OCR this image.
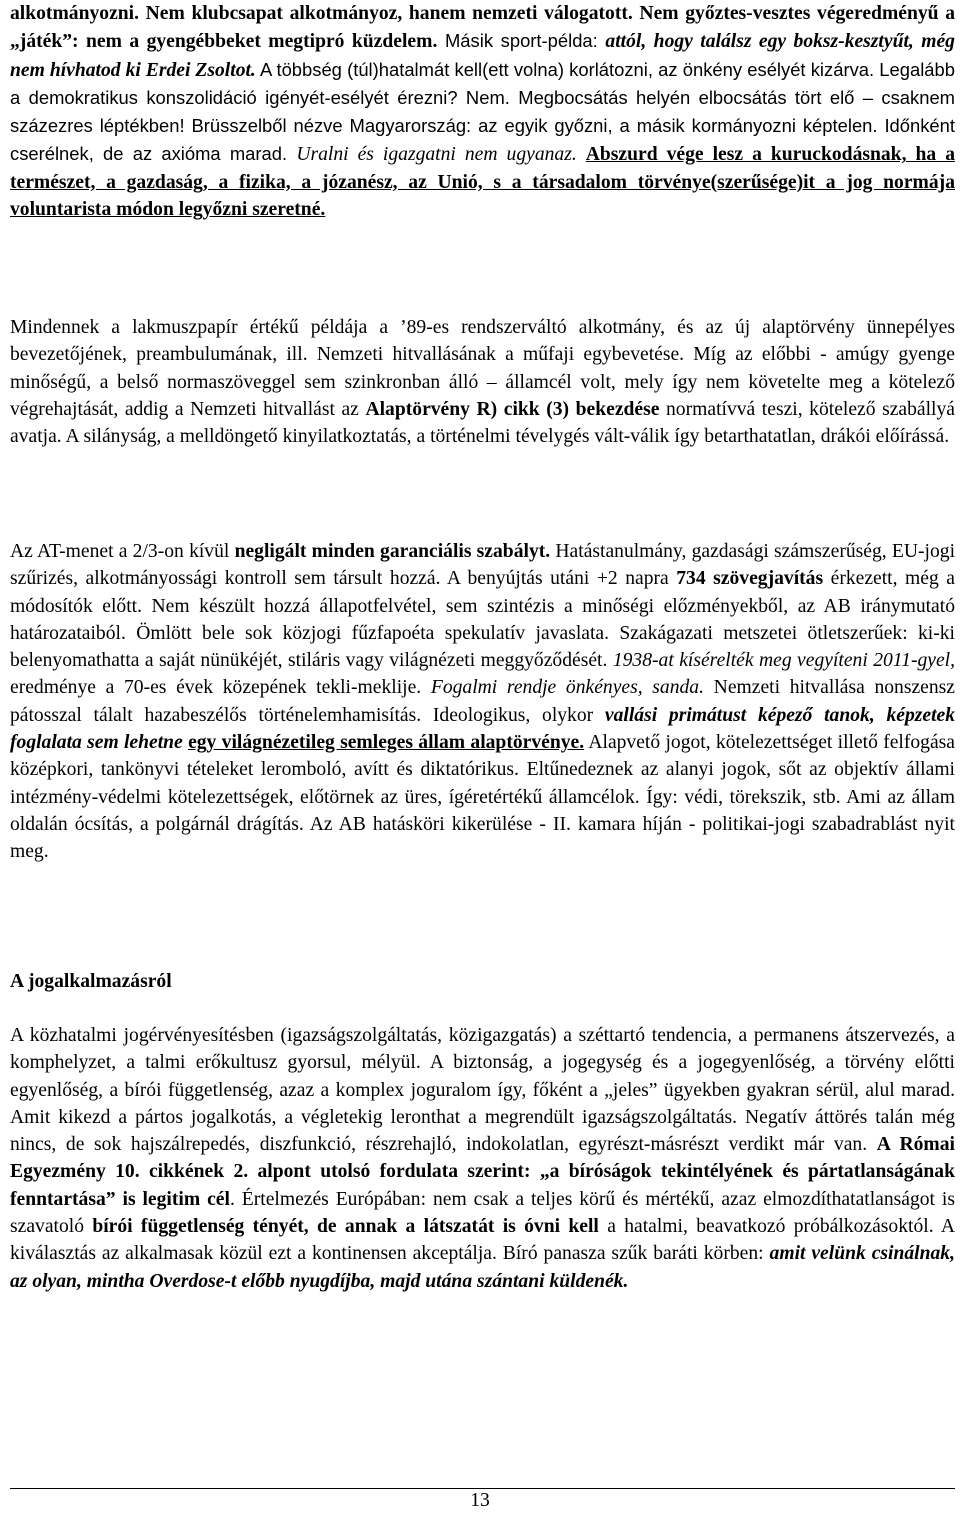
alkotmányozni. Nem klubcsapat alkotmányoz, hanem nemzeti válogatott. Nem győztes-vesztes végeredményű a „játék”: nem a gyengébbeket megtipró küzdelem. Másik sport-példa: attól, hogy találsz egy boksz-kesztyűt, még nem hívhatod ki Erdei Zsoltot. A többség (túl)hatalmát kell(ett volna) korlátozni, az önkény esélyét kizárva. Legalább a demokratikus konszolidáció igényét-esélyét érezni? Nem. Megbocsátás helyén elbocsátás tört elő – csaknem százezres léptékben! Brüsszelből nézve Magyarország: az egyik győzni, a másik kormányozni képtelen. Időnként cserélnek, de az axióma marad. Uralni és igazgatni nem ugyanaz. Abszurd vége lesz a kuruckodásnak, ha a természet, a gazdaság, a fizika, a józanész, az Unió, s a társadalom törvénye(szerűsége)it a jog normája voluntarista módon legyőzni szeretné.

Mindennek a lakmuszpapír értékű példája a ’89-es rendszerváltó alkotmány, és az új alaptörvény ünnepélyes bevezetőjének, preambulumának, ill. Nemzeti hitvallásának a műfaji egybevetése. Míg az előbbi - amúgy gyenge minőségű, a belső normaszöveggel sem szinkronban álló – államcél volt, mely így nem követelte meg a kötelező végrehajtását, addig a Nemzeti hitvallást az Alaptörvény R) cikk (3) bekezdése normatívvá teszi, kötelező szabállyá avatja. A silányság, a melldöngető kinyilatkoztatás, a történelmi tévelygés vált-válik így betarthatatlan, drákói előírássá.

Az AT-menet a 2/3-on kívül negligált minden garanciális szabályt. Hatástanulmány, gazdasági számszerűség, EU-jogi szűrizés, alkotmányossági kontroll sem társult hozzá. A benyújtás utáni +2 napra 734 szövegjavítás érkezett, még a módosítók előtt. Nem készült hozzá állapotfelvétel, sem szintézis a minőségi előzményekből, az AB iránymutató határozataiból. Ömlött bele sok közjogi fűzfapoéta spekulatív javaslata. Szakágazati metszetei ötletszerűek: ki-ki belenyomathatta a saját nünükéjét, stiláris vagy világnézeti meggyőződését. 1938-at kísérelték meg vegyíteni 2011-gyel, eredménye a 70-es évek közepének tekli-meklije. Fogalmi rendje önkényes, sanda. Nemzeti hitvallása nonszensz pátosszal tálalt hazabeszélős történelemhamisítás. Ideologikus, olykor vallási primátust képező tanok, képzetek foglalata sem lehetne egy világnézetileg semleges állam alaptörvénye. Alapvető jogot, kötelezettséget illető felfogása középkori, tankönyvi tételeket leromboló, avítt és diktatórikus. Eltűnedeznek az alanyi jogok, sőt az objektív állami intézmény-védelmi kötelezettségek, előtörnek az üres, ígéretértékű államcélok. Így: védi, törekszik, stb. Ami az állam oldalán ócsítás, a polgárnál drágítás. Az AB hatásköri kikerülése - II. kamara híján - politikai-jogi szabadrablást nyit meg.

A jogalkalmazásról

A közhatalmi jogérvényesítésben (igazságszolgáltatás, közigazgatás) a széttartó tendencia, a permanens átszervezés, a komphelyzet, a talmi erőkultusz gyorsul, mélyül. A biztonság, a jogegység és a jogegyenlőség, a törvény előtti egyenlőség, a bírói függetlenség, azaz a komplex joguralom így, főként a „jeles” ügyekben gyakran sérül, alul marad. Amit kikezd a pártos jogalkotás, a végletekig leronthat a megrendült igazságszolgáltatás. Negatív áttörés talán még nincs, de sok hajszálrepedés, diszfunkció, részrehajló, indokolatlan, egyrészt-másrészt verdikt már van. A Római Egyezmény 10. cikkének 2. alpont utolsó fordulata szerint: „a bíróságok tekintélyének és pártatlanságának fenntartása” is legitim cél. Értelmezés Európában: nem csak a teljes körű és mértékű, azaz elmozdíthatatlanságot is szavatoló bírói függetlenség tényét, de annak a látszatát is óvni kell a hatalmi, beavatkozó próbálkozásoktól. A kiválasztás az alkalmasak közül ezt a kontinensen akceptálja. Bíró panasza szűk baráti körben: amit velünk csinálnak, az olyan, mintha Overdose-t előbb nyugdíjba, majd utána szántani küldenék.

13
